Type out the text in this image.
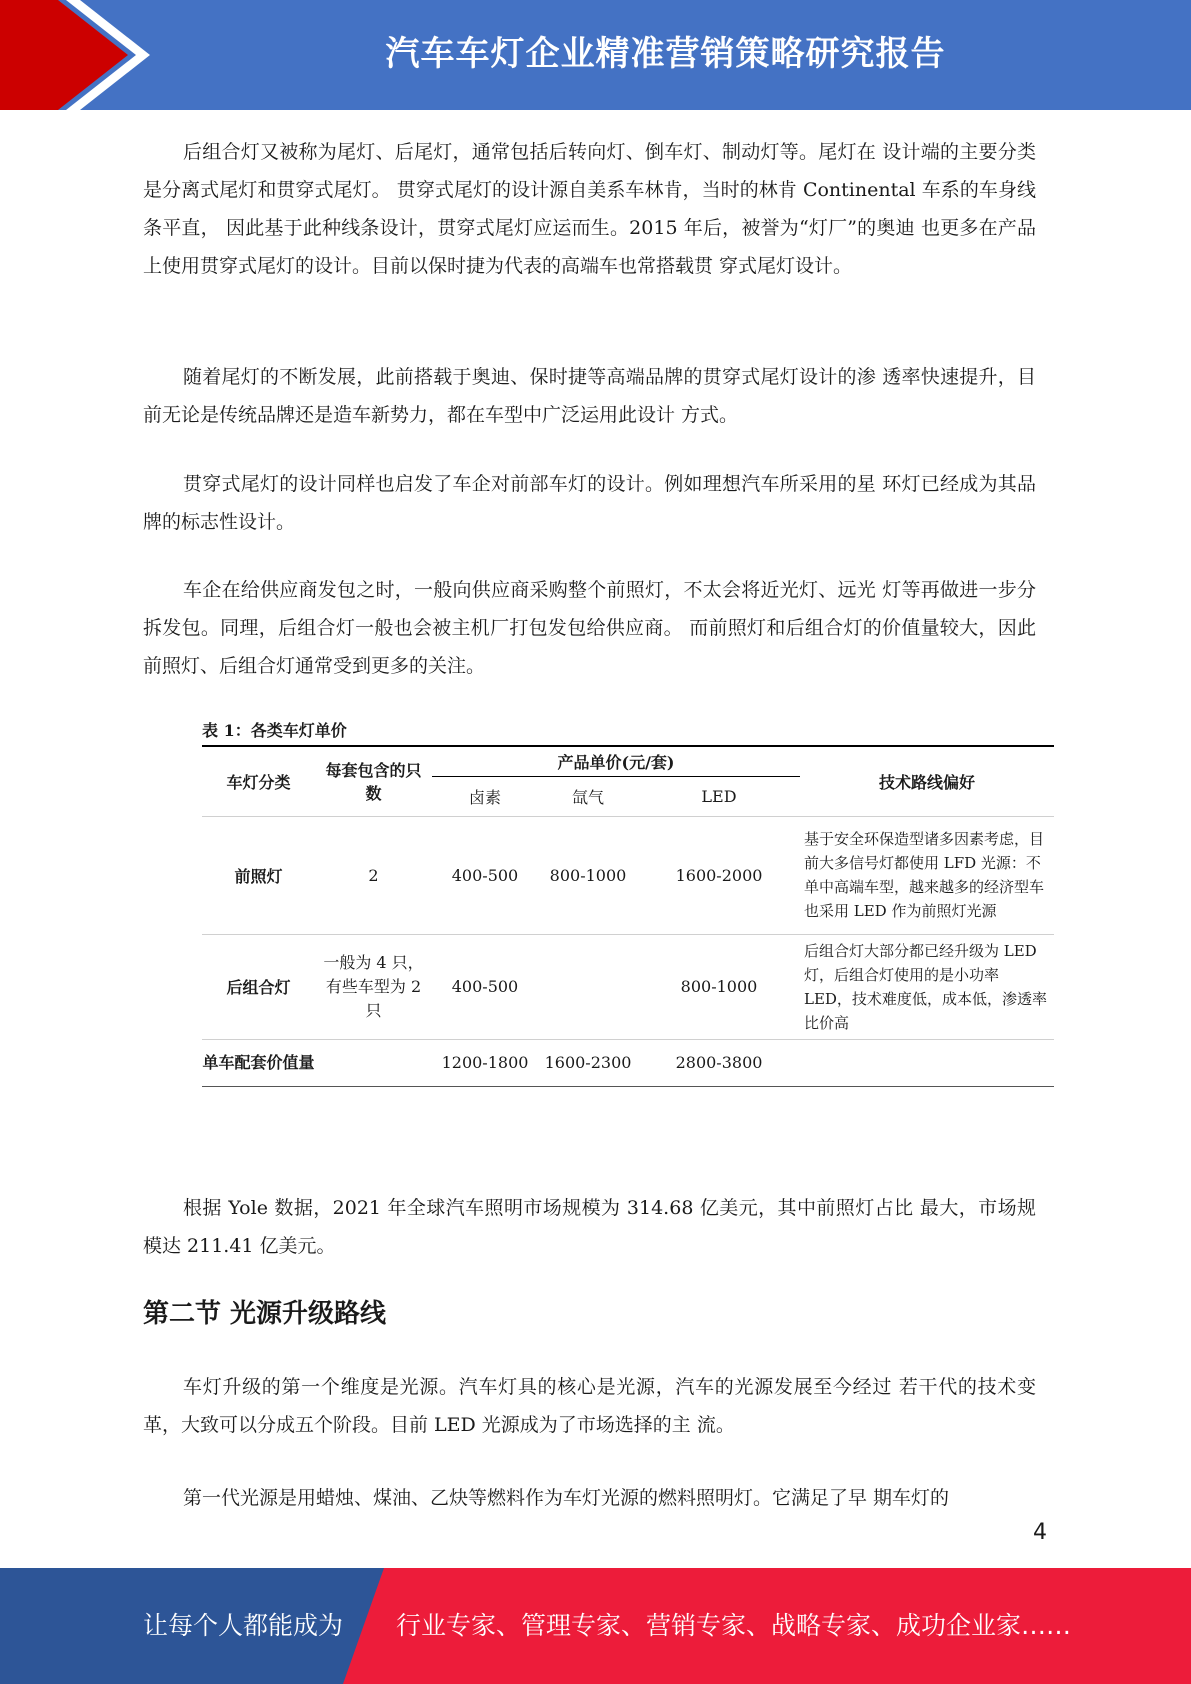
汽车车灯企业精准营销策略研究报告

后组合灯又被称为尾灯、后尾灯，通常包括后转向灯、倒车灯、制动灯等。尾灯在 设计端的主要分类是分离式尾灯和贯穿式尾灯。 贯穿式尾灯的设计源自美系车林肯，当时的林肯 Continental 车系的车身线条平直， 因此基于此种线条设计，贯穿式尾灯应运而生。2015 年后，被誉为“灯厂”的奥迪 也更多在产品上使用贯穿式尾灯的设计。目前以保时捷为代表的高端车也常搭载贯 穿式尾灯设计。

随着尾灯的不断发展，此前搭载于奥迪、保时捷等高端品牌的贯穿式尾灯设计的渗 透率快速提升，目前无论是传统品牌还是造车新势力，都在车型中广泛运用此设计 方式。

贯穿式尾灯的设计同样也启发了车企对前部车灯的设计。例如理想汽车所采用的星 环灯已经成为其品牌的标志性设计。

车企在给供应商发包之时，一般向供应商采购整个前照灯，不太会将近光灯、远光 灯等再做进一步分拆发包。同理，后组合灯一般也会被主机厂打包发包给供应商。 而前照灯和后组合灯的价值量较大，因此前照灯、后组合灯通常受到更多的关注。

表 1：各类车灯单价
车灯分类	每套包含的只数	产品单价(元/套)			技术路线偏好
		卤素	氙气	LED	
前照灯	2	400-500	800-1000	1600-2000	基于安全环保造型诸多因素考虑，目前大多信号灯都使用 LFD 光源：不单中高端车型，越来越多的经济型车也采用 LED 作为前照灯光源
后组合灯	一般为 4 只，有些车型为 2 只	400-500		800-1000	后组合灯大部分都已经升级为 LED 灯，后组合灯使用的是小功率 LED，技术难度低，成本低，渗透率比价高
单车配套价值量		1200-1800	1600-2300	2800-3800	

根据 Yole 数据，2021 年全球汽车照明市场规模为 314.68 亿美元，其中前照灯占比 最大，市场规模达 211.41 亿美元。

第二节 光源升级路线

车灯升级的第一个维度是光源。汽车灯具的核心是光源，汽车的光源发展至今经过 若干代的技术变革，大致可以分成五个阶段。目前 LED 光源成为了市场选择的主 流。

第一代光源是用蜡烛、煤油、乙炔等燃料作为车灯光源的燃料照明灯。它满足了早 期车灯的

4
让每个人都能成为 行业专家、管理专家、营销专家、战略专家、成功企业家……
